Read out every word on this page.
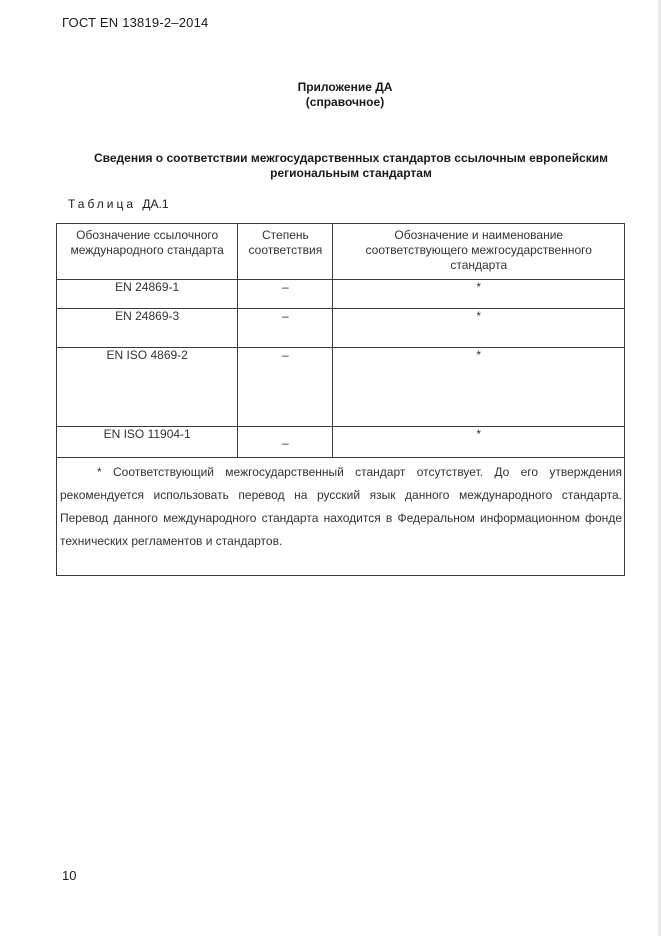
ГОСТ EN 13819-2–2014
Приложение ДА
(справочное)
Сведения о соответствии межгосударственных стандартов ссылочным европейским
региональным стандартам
Таблица ДА.1
Обозначение ссылочного международного стандарта	Степень соответствия	Обозначение и наименование соответствующего межгосударственного стандарта
EN 24869-1	–	*
EN 24869-3	–	*
EN ISO 4869-2	–	*
EN ISO 11904-1	–	*

* Соответствующий межгосударственный стандарт отсутствует. До его утверждения рекомендуется использовать перевод на русский язык данного международного стандарта. Перевод данного международного стандарта находится в Федеральном информационном фонде технических регламентов и стандартов.		
10
